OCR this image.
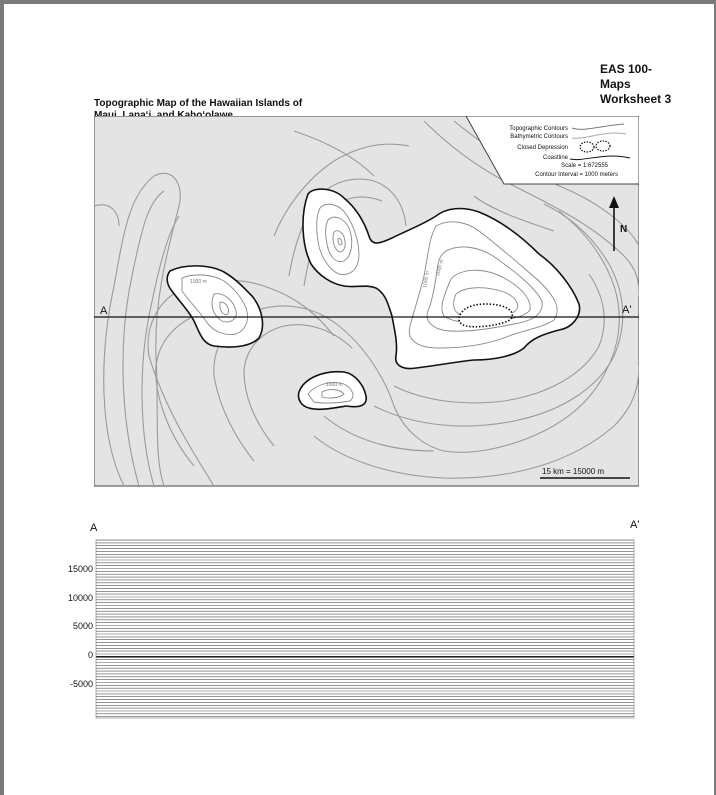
EAS 100-
Maps
Worksheet 3
Topographic Map of the Hawaiian Islands of
1000 m
1000 m
1000 m
2000 m
Topographic Contours
Bathymetric Contours
Closed Depression
Coastline
Scale = 1:672555
Contour Interval = 1000 meters
N
A	A'
15 km = 15000 m
A	A'
15000
10000
5000
0
-5000
